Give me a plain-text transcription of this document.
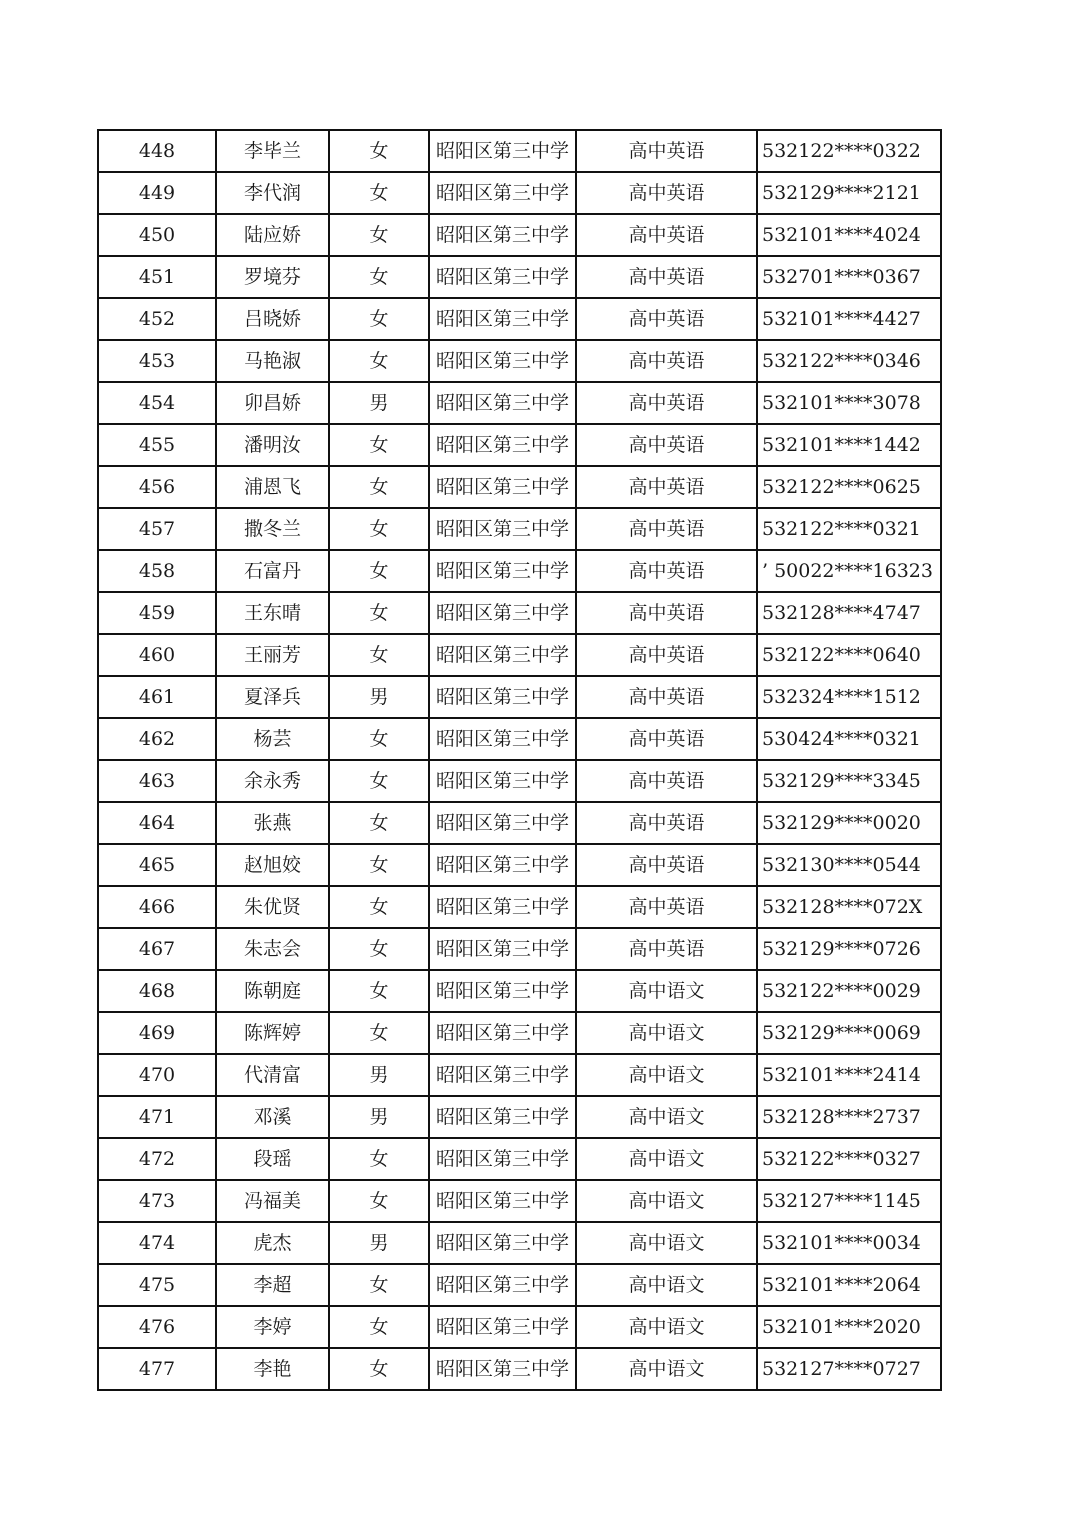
448	李毕兰	女	昭阳区第三中学	高中英语	532122****0322
449	李代润	女	昭阳区第三中学	高中英语	532129****2121
450	陆应娇	女	昭阳区第三中学	高中英语	532101****4024
451	罗境芬	女	昭阳区第三中学	高中英语	532701****0367
452	吕晓娇	女	昭阳区第三中学	高中英语	532101****4427
453	马艳淑	女	昭阳区第三中学	高中英语	532122****0346
454	卯昌娇	男	昭阳区第三中学	高中英语	532101****3078
455	潘明汝	女	昭阳区第三中学	高中英语	532101****1442
456	浦恩飞	女	昭阳区第三中学	高中英语	532122****0625
457	撒冬兰	女	昭阳区第三中学	高中英语	532122****0321
458	石富丹	女	昭阳区第三中学	高中英语	’ 50022****16323
459	王东晴	女	昭阳区第三中学	高中英语	532128****4747
460	王丽芳	女	昭阳区第三中学	高中英语	532122****0640
461	夏泽兵	男	昭阳区第三中学	高中英语	532324****1512
462	杨芸	女	昭阳区第三中学	高中英语	530424****0321
463	余永秀	女	昭阳区第三中学	高中英语	532129****3345
464	张燕	女	昭阳区第三中学	高中英语	532129****0020
465	赵旭姣	女	昭阳区第三中学	高中英语	532130****0544
466	朱优贤	女	昭阳区第三中学	高中英语	532128****072X
467	朱志会	女	昭阳区第三中学	高中英语	532129****0726
468	陈朝庭	女	昭阳区第三中学	高中语文	532122****0029
469	陈辉婷	女	昭阳区第三中学	高中语文	532129****0069
470	代清富	男	昭阳区第三中学	高中语文	532101****2414
471	邓溪	男	昭阳区第三中学	高中语文	532128****2737
472	段瑶	女	昭阳区第三中学	高中语文	532122****0327
473	冯福美	女	昭阳区第三中学	高中语文	532127****1145
474	虎杰	男	昭阳区第三中学	高中语文	532101****0034
475	李超	女	昭阳区第三中学	高中语文	532101****2064
476	李婷	女	昭阳区第三中学	高中语文	532101****2020
477	李艳	女	昭阳区第三中学	高中语文	532127****0727
